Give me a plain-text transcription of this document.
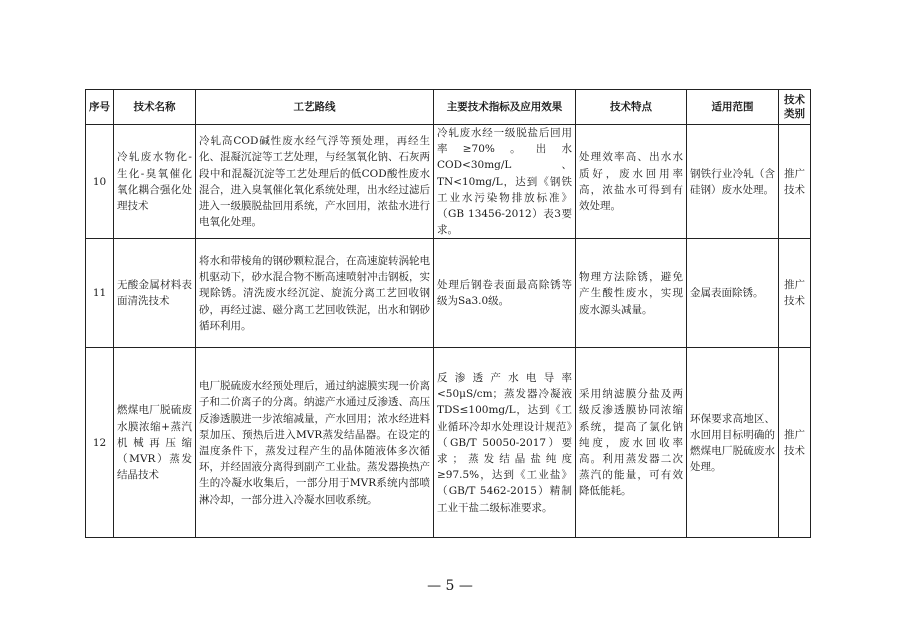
序号	技术名称	工艺路线	主要技术指标及应用效果	技术特点	适用范围	技术类别
10	冷轧废水物化-生化-臭氧催化氧化耦合强化处理技术	冷轧高COD碱性废水经气浮等预处理，再经生化、混凝沉淀等工艺处理，与经氢氧化钠、石灰两段中和混凝沉淀等工艺处理后的低COD酸性废水混合，进入臭氧催化氧化系统处理，出水经过滤后进入一级膜脱盐回用系统，产水回用，浓盐水进行电氧化处理。	冷轧废水经一级脱盐后回用率≥70%。出水COD<30mg/L、TN<10mg/L，达到《钢铁工业水污染物排放标准》（GB 13456-2012）表3要求。	处理效率高、出水水质好，废水回用率高，浓盐水可得到有效处理。	钢铁行业冷轧（含硅钢）废水处理。	推广技术
11	无酸金属材料表面清洗技术	将水和带棱角的钢砂颗粒混合，在高速旋转涡轮电机驱动下，砂水混合物不断高速喷射冲击钢板，实现除锈。清洗废水经沉淀、旋流分离工艺回收钢砂，再经过滤、磁分离工艺回收铁泥，出水和钢砂循环利用。	处理后钢卷表面最高除锈等级为Sa3.0级。	物理方法除锈，避免产生酸性废水，实现废水源头减量。	金属表面除锈。	推广技术
12	燃煤电厂脱硫废水膜浓缩+蒸汽机械再压缩（MVR）蒸发结晶技术	电厂脱硫废水经预处理后，通过纳滤膜实现一价离子和二价离子的分离。纳滤产水通过反渗透、高压反渗透膜进一步浓缩减量，产水回用；浓水经进料泵加压、预热后进入MVR蒸发结晶器。在设定的温度条件下，蒸发过程产生的晶体随液体多次循环，并经固液分离得到副产工业盐。蒸发器换热产生的冷凝水收集后，一部分用于MVR系统内部喷淋冷却，一部分进入冷凝水回收系统。	反渗透产水电导率<50μS/cm；蒸发器冷凝液TDS≤100mg/L，达到《工业循环冷却水处理设计规范》（GB/T 50050-2017）要求；蒸发结晶盐纯度≥97.5%，达到《工业盐》（GB/T 5462-2015）精制工业干盐二级标准要求。	采用纳滤膜分盐及两级反渗透膜协同浓缩系统，提高了氯化钠纯度，废水回收率高。利用蒸发器二次蒸汽的能量，可有效降低能耗。	环保要求高地区、水回用目标明确的燃煤电厂脱硫废水处理。	推广技术
— 5 —
